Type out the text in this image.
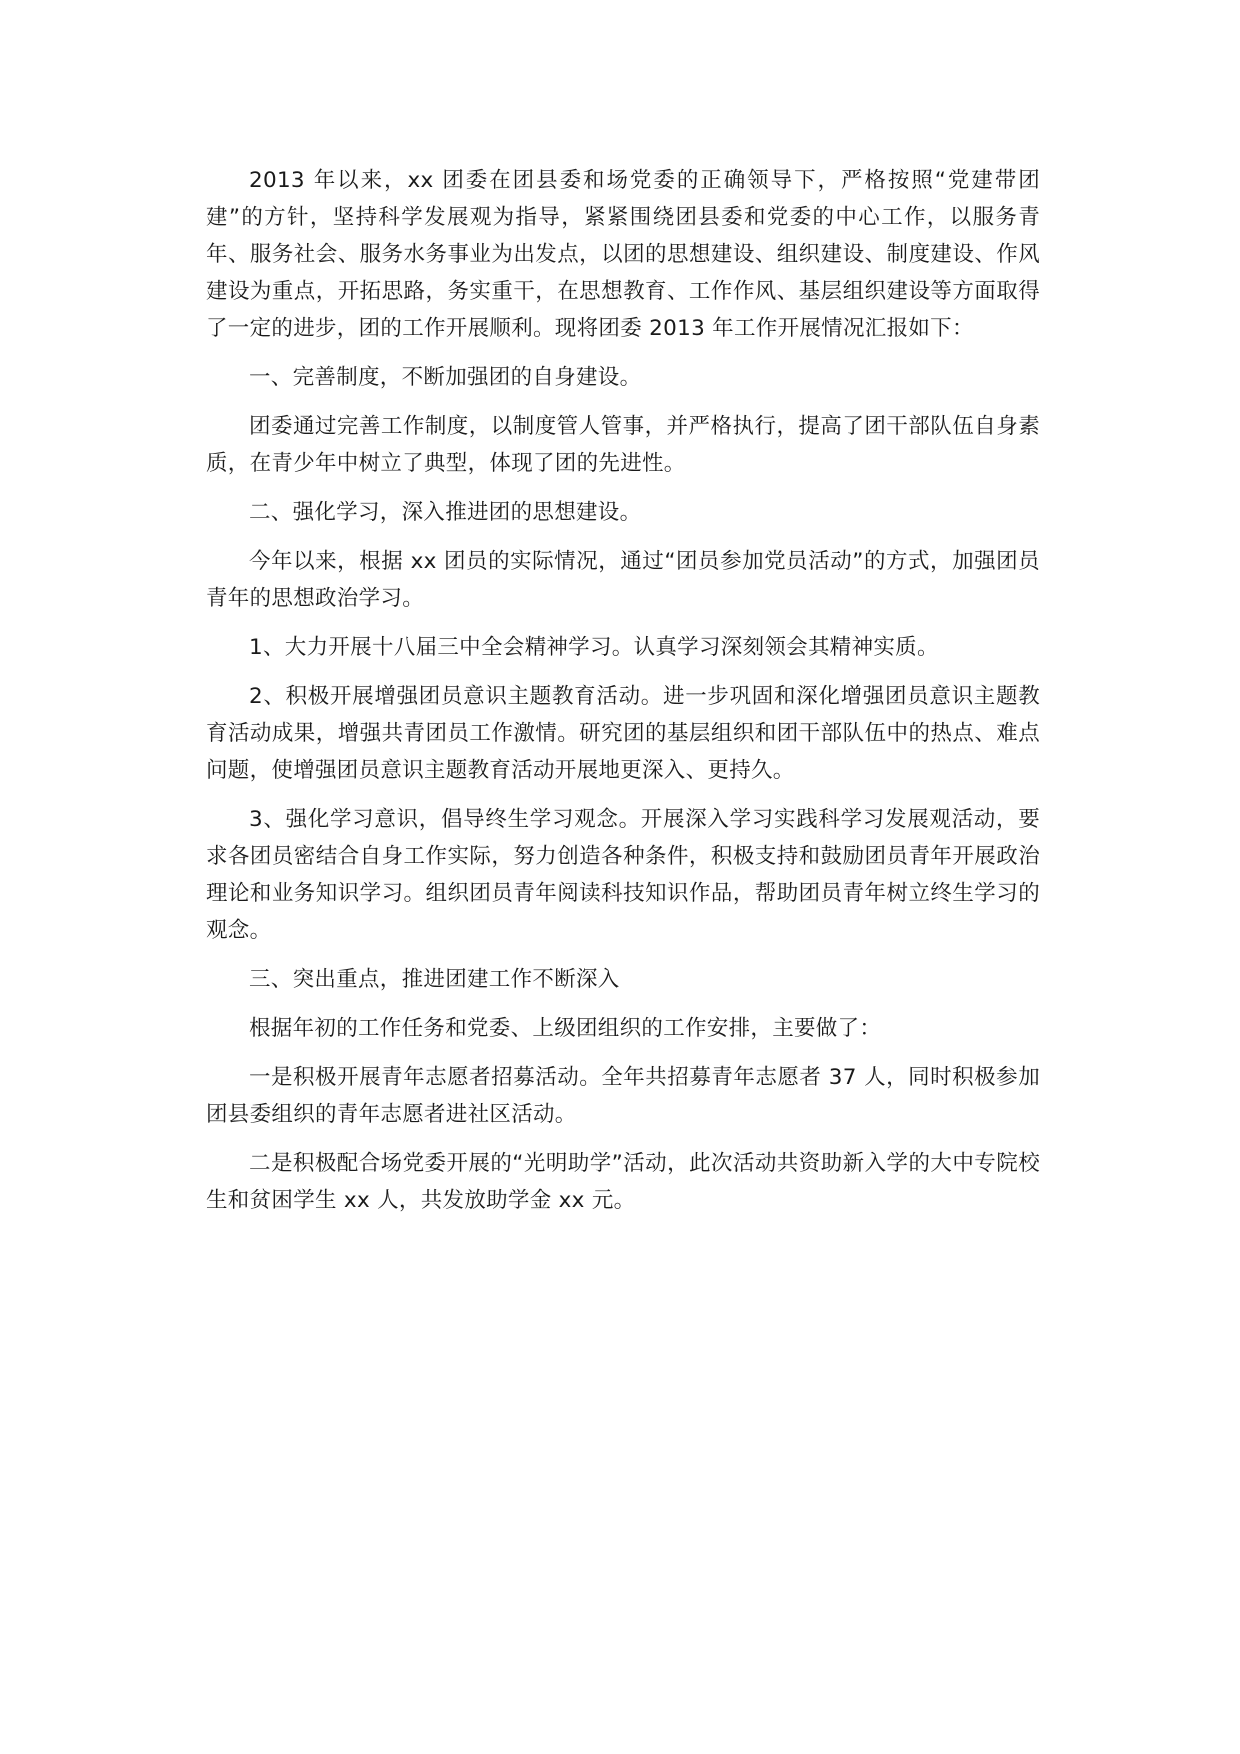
2013 年以来，xx 团委在团县委和场党委的正确领导下，严格按照“党建带团建”的方针，坚持科学发展观为指导，紧紧围绕团县委和党委的中心工作，以服务青年、服务社会、服务水务事业为出发点，以团的思想建设、组织建设、制度建设、作风建设为重点，开拓思路，务实重干，在思想教育、工作作风、基层组织建设等方面取得了一定的进步，团的工作开展顺利。现将团委 2013 年工作开展情况汇报如下：

一、完善制度，不断加强团的自身建设。

团委通过完善工作制度，以制度管人管事，并严格执行，提高了团干部队伍自身素质，在青少年中树立了典型，体现了团的先进性。

二、强化学习，深入推进团的思想建设。

今年以来，根据 xx 团员的实际情况，通过“团员参加党员活动”的方式，加强团员青年的思想政治学习。

1、大力开展十八届三中全会精神学习。认真学习深刻领会其精神实质。

2、积极开展增强团员意识主题教育活动。进一步巩固和深化增强团员意识主题教育活动成果，增强共青团员工作激情。研究团的基层组织和团干部队伍中的热点、难点问题，使增强团员意识主题教育活动开展地更深入、更持久。

3、强化学习意识，倡导终生学习观念。开展深入学习实践科学习发展观活动，要求各团员密结合自身工作实际，努力创造各种条件，积极支持和鼓励团员青年开展政治理论和业务知识学习。组织团员青年阅读科技知识作品，帮助团员青年树立终生学习的观念。

三、突出重点，推进团建工作不断深入

根据年初的工作任务和党委、上级团组织的工作安排，主要做了：

一是积极开展青年志愿者招募活动。全年共招募青年志愿者 37 人，同时积极参加团县委组织的青年志愿者进社区活动。

二是积极配合场党委开展的“光明助学”活动，此次活动共资助新入学的大中专院校生和贫困学生 xx 人，共发放助学金 xx 元。
